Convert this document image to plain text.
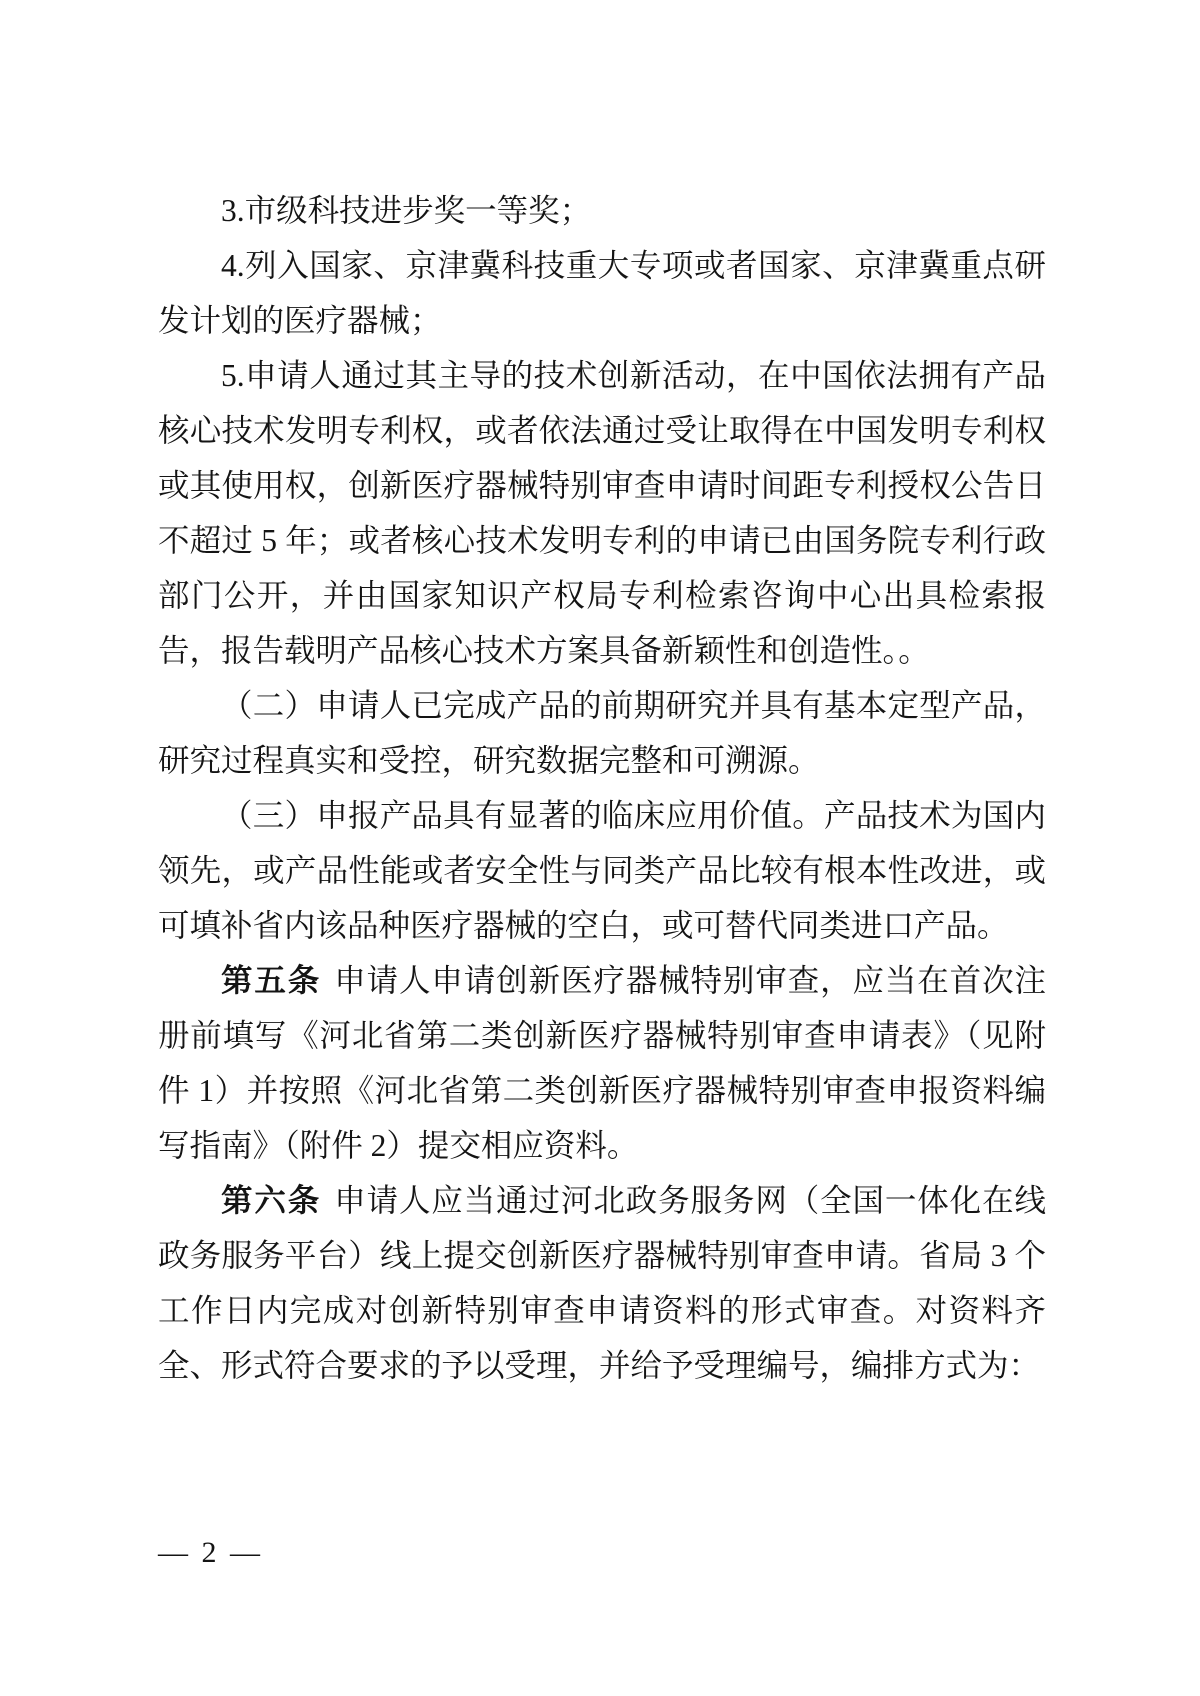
3.市级科技进步奖一等奖；

4.列入国家、京津冀科技重大专项或者国家、京津冀重点研发计划的医疗器械；

5.申请人通过其主导的技术创新活动，在中国依法拥有产品核心技术发明专利权，或者依法通过受让取得在中国发明专利权或其使用权，创新医疗器械特别审查申请时间距专利授权公告日不超过 5 年；或者核心技术发明专利的申请已由国务院专利行政部门公开，并由国家知识产权局专利检索咨询中心出具检索报告，报告载明产品核心技术方案具备新颖性和创造性。。

（二）申请人已完成产品的前期研究并具有基本定型产品，研究过程真实和受控，研究数据完整和可溯源。

（三）申报产品具有显著的临床应用价值。产品技术为国内领先，或产品性能或者安全性与同类产品比较有根本性改进，或可填补省内该品种医疗器械的空白，或可替代同类进口产品。

第五条 申请人申请创新医疗器械特别审查，应当在首次注册前填写《河北省第二类创新医疗器械特别审查申请表》（见附件 1）并按照《河北省第二类创新医疗器械特别审查申报资料编写指南》（附件 2）提交相应资料。

第六条 申请人应当通过河北政务服务网（全国一体化在线政务服务平台）线上提交创新医疗器械特别审查申请。省局 3 个工作日内完成对创新特别审查申请资料的形式审查。对资料齐全、形式符合要求的予以受理，并给予受理编号，编排方式为：

— 2 —
